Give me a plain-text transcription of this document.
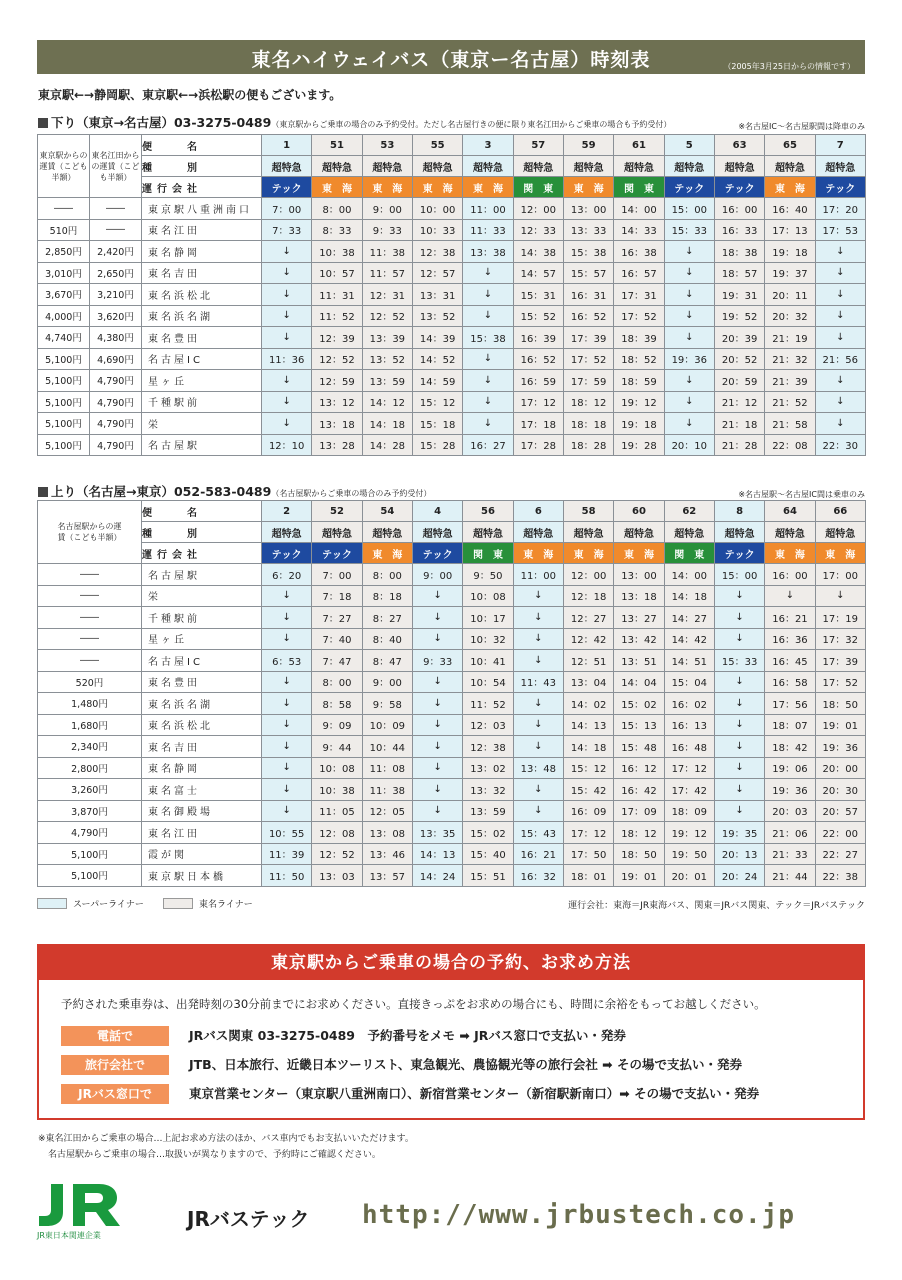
東名ハイウェイバス（東京ー名古屋）時刻表	（2005年3月25日からの情報です）
東京駅←→静岡駅、東京駅←→浜松駅の便もございます。
下り（東京→名古屋）03-3275-0489（東京駅からご乗車の場合のみ予約受付。ただし名古屋行きの便に限り東名江田からご乗車の場合も予約受付）	※名古屋IC〜名古屋駅間は降車のみ
東京駅からの運賃（こども半額）	東名江田からの運賃（こども半額）	便　　名	1	51	53	55	3	57	59	61	5	63	65	7
		種　　別	超特急	超特急	超特急	超特急	超特急	超特急	超特急	超特急	超特急	超特急	超特急	超特急
		運行会社	テック	東　海	東　海	東　海	東　海	関　東	東　海	関　東	テック	テック	東　海	テック
――	――	東京駅八重洲南口	7：00	8：00	9：00	10：00	11：00	12：00	13：00	14：00	15：00	16：00	16：40	17：20
510円	――	東名江田	7：33	8：33	9：33	10：33	11：33	12：33	13：33	14：33	15：33	16：33	17：13	17：53
2,850円	2,420円	東名静岡	↓	10：38	11：38	12：38	13：38	14：38	15：38	16：38	↓	18：38	19：18	↓
3,010円	2,650円	東名吉田	↓	10：57	11：57	12：57	↓	14：57	15：57	16：57	↓	18：57	19：37	↓
3,670円	3,210円	東名浜松北	↓	11：31	12：31	13：31	↓	15：31	16：31	17：31	↓	19：31	20：11	↓
4,000円	3,620円	東名浜名湖	↓	11：52	12：52	13：52	↓	15：52	16：52	17：52	↓	19：52	20：32	↓
4,740円	4,380円	東名豊田	↓	12：39	13：39	14：39	15：38	16：39	17：39	18：39	↓	20：39	21：19	↓
5,100円	4,690円	名古屋IC	11：36	12：52	13：52	14：52	↓	16：52	17：52	18：52	19：36	20：52	21：32	21：56
5,100円	4,790円	星ヶ丘	↓	12：59	13：59	14：59	↓	16：59	17：59	18：59	↓	20：59	21：39	↓
5,100円	4,790円	千種駅前	↓	13：12	14：12	15：12	↓	17：12	18：12	19：12	↓	21：12	21：52	↓
5,100円	4,790円	栄	↓	13：18	14：18	15：18	↓	17：18	18：18	19：18	↓	21：18	21：58	↓
5,100円	4,790円	名古屋駅	12：10	13：28	14：28	15：28	16：27	17：28	18：28	19：28	20：10	21：28	22：08	22：30
上り（名古屋→東京）052-583-0489（名古屋駅からご乗車の場合のみ予約受付）	※名古屋駅〜名古屋IC間は乗車のみ
名古屋駅からの運賃（こども半額）	便　　名	2	52	54	4	56	6	58	60	62	8	64	66
	種　　別	超特急	超特急	超特急	超特急	超特急	超特急	超特急	超特急	超特急	超特急	超特急	超特急
	運行会社	テック	テック	東　海	テック	関　東	東　海	東　海	東　海	関　東	テック	東　海	東　海
――	名古屋駅	6：20	7：00	8：00	9：00	9：50	11：00	12：00	13：00	14：00	15：00	16：00	17：00
――	栄	↓	7：18	8：18	↓	10：08	↓	12：18	13：18	14：18	↓	↓	↓
――	千種駅前	↓	7：27	8：27	↓	10：17	↓	12：27	13：27	14：27	↓	16：21	17：19
――	星ヶ丘	↓	7：40	8：40	↓	10：32	↓	12：42	13：42	14：42	↓	16：36	17：32
――	名古屋IC	6：53	7：47	8：47	9：33	10：41	↓	12：51	13：51	14：51	15：33	16：45	17：39
520円	東名豊田	↓	8：00	9：00	↓	10：54	11：43	13：04	14：04	15：04	↓	16：58	17：52
1,480円	東名浜名湖	↓	8：58	9：58	↓	11：52	↓	14：02	15：02	16：02	↓	17：56	18：50
1,680円	東名浜松北	↓	9：09	10：09	↓	12：03	↓	14：13	15：13	16：13	↓	18：07	19：01
2,340円	東名吉田	↓	9：44	10：44	↓	12：38	↓	14：18	15：48	16：48	↓	18：42	19：36
2,800円	東名静岡	↓	10：08	11：08	↓	13：02	13：48	15：12	16：12	17：12	↓	19：06	20：00
3,260円	東名富士	↓	10：38	11：38	↓	13：32	↓	15：42	16：42	17：42	↓	19：36	20：30
3,870円	東名御殿場	↓	11：05	12：05	↓	13：59	↓	16：09	17：09	18：09	↓	20：03	20：57
4,790円	東名江田	10：55	12：08	13：08	13：35	15：02	15：43	17：12	18：12	19：12	19：35	21：06	22：00
5,100円	霞が関	11：39	12：52	13：46	14：13	15：40	16：21	17：50	18：50	19：50	20：13	21：33	22：27
5,100円	東京駅日本橋	11：50	13：03	13：57	14：24	15：51	16：32	18：01	19：01	20：01	20：24	21：44	22：38
スーパーライナー	東名ライナー	運行会社：東海＝JR東海バス、関東＝JRバス関東、テック＝JRバステック
東京駅からご乗車の場合の予約、お求め方法
予約された乗車券は、出発時刻の30分前までにお求めください。直接きっぷをお求めの場合にも、時間に余裕をもってお越しください。
電話で	JRバス関東 03-3275-0489　予約番号をメモ ➡ JRバス窓口で支払い・発券
旅行会社で	JTB、日本旅行、近畿日本ツーリスト、東急観光、農協観光等の旅行会社 ➡ その場で支払い・発券
JRバス窓口で	東京営業センター（東京駅八重洲南口）、新宿営業センター（新宿駅新南口）➡ その場で支払い・発券
※東名江田からご乗車の場合…上記お求め方法のほか、バス車内でもお支払いいただけます。
名古屋駅からご乗車の場合…取扱いが異なりますので、予約時にご確認ください。
JR東日本関連企業
JRバステック http://www.jrbustech.co.jp
